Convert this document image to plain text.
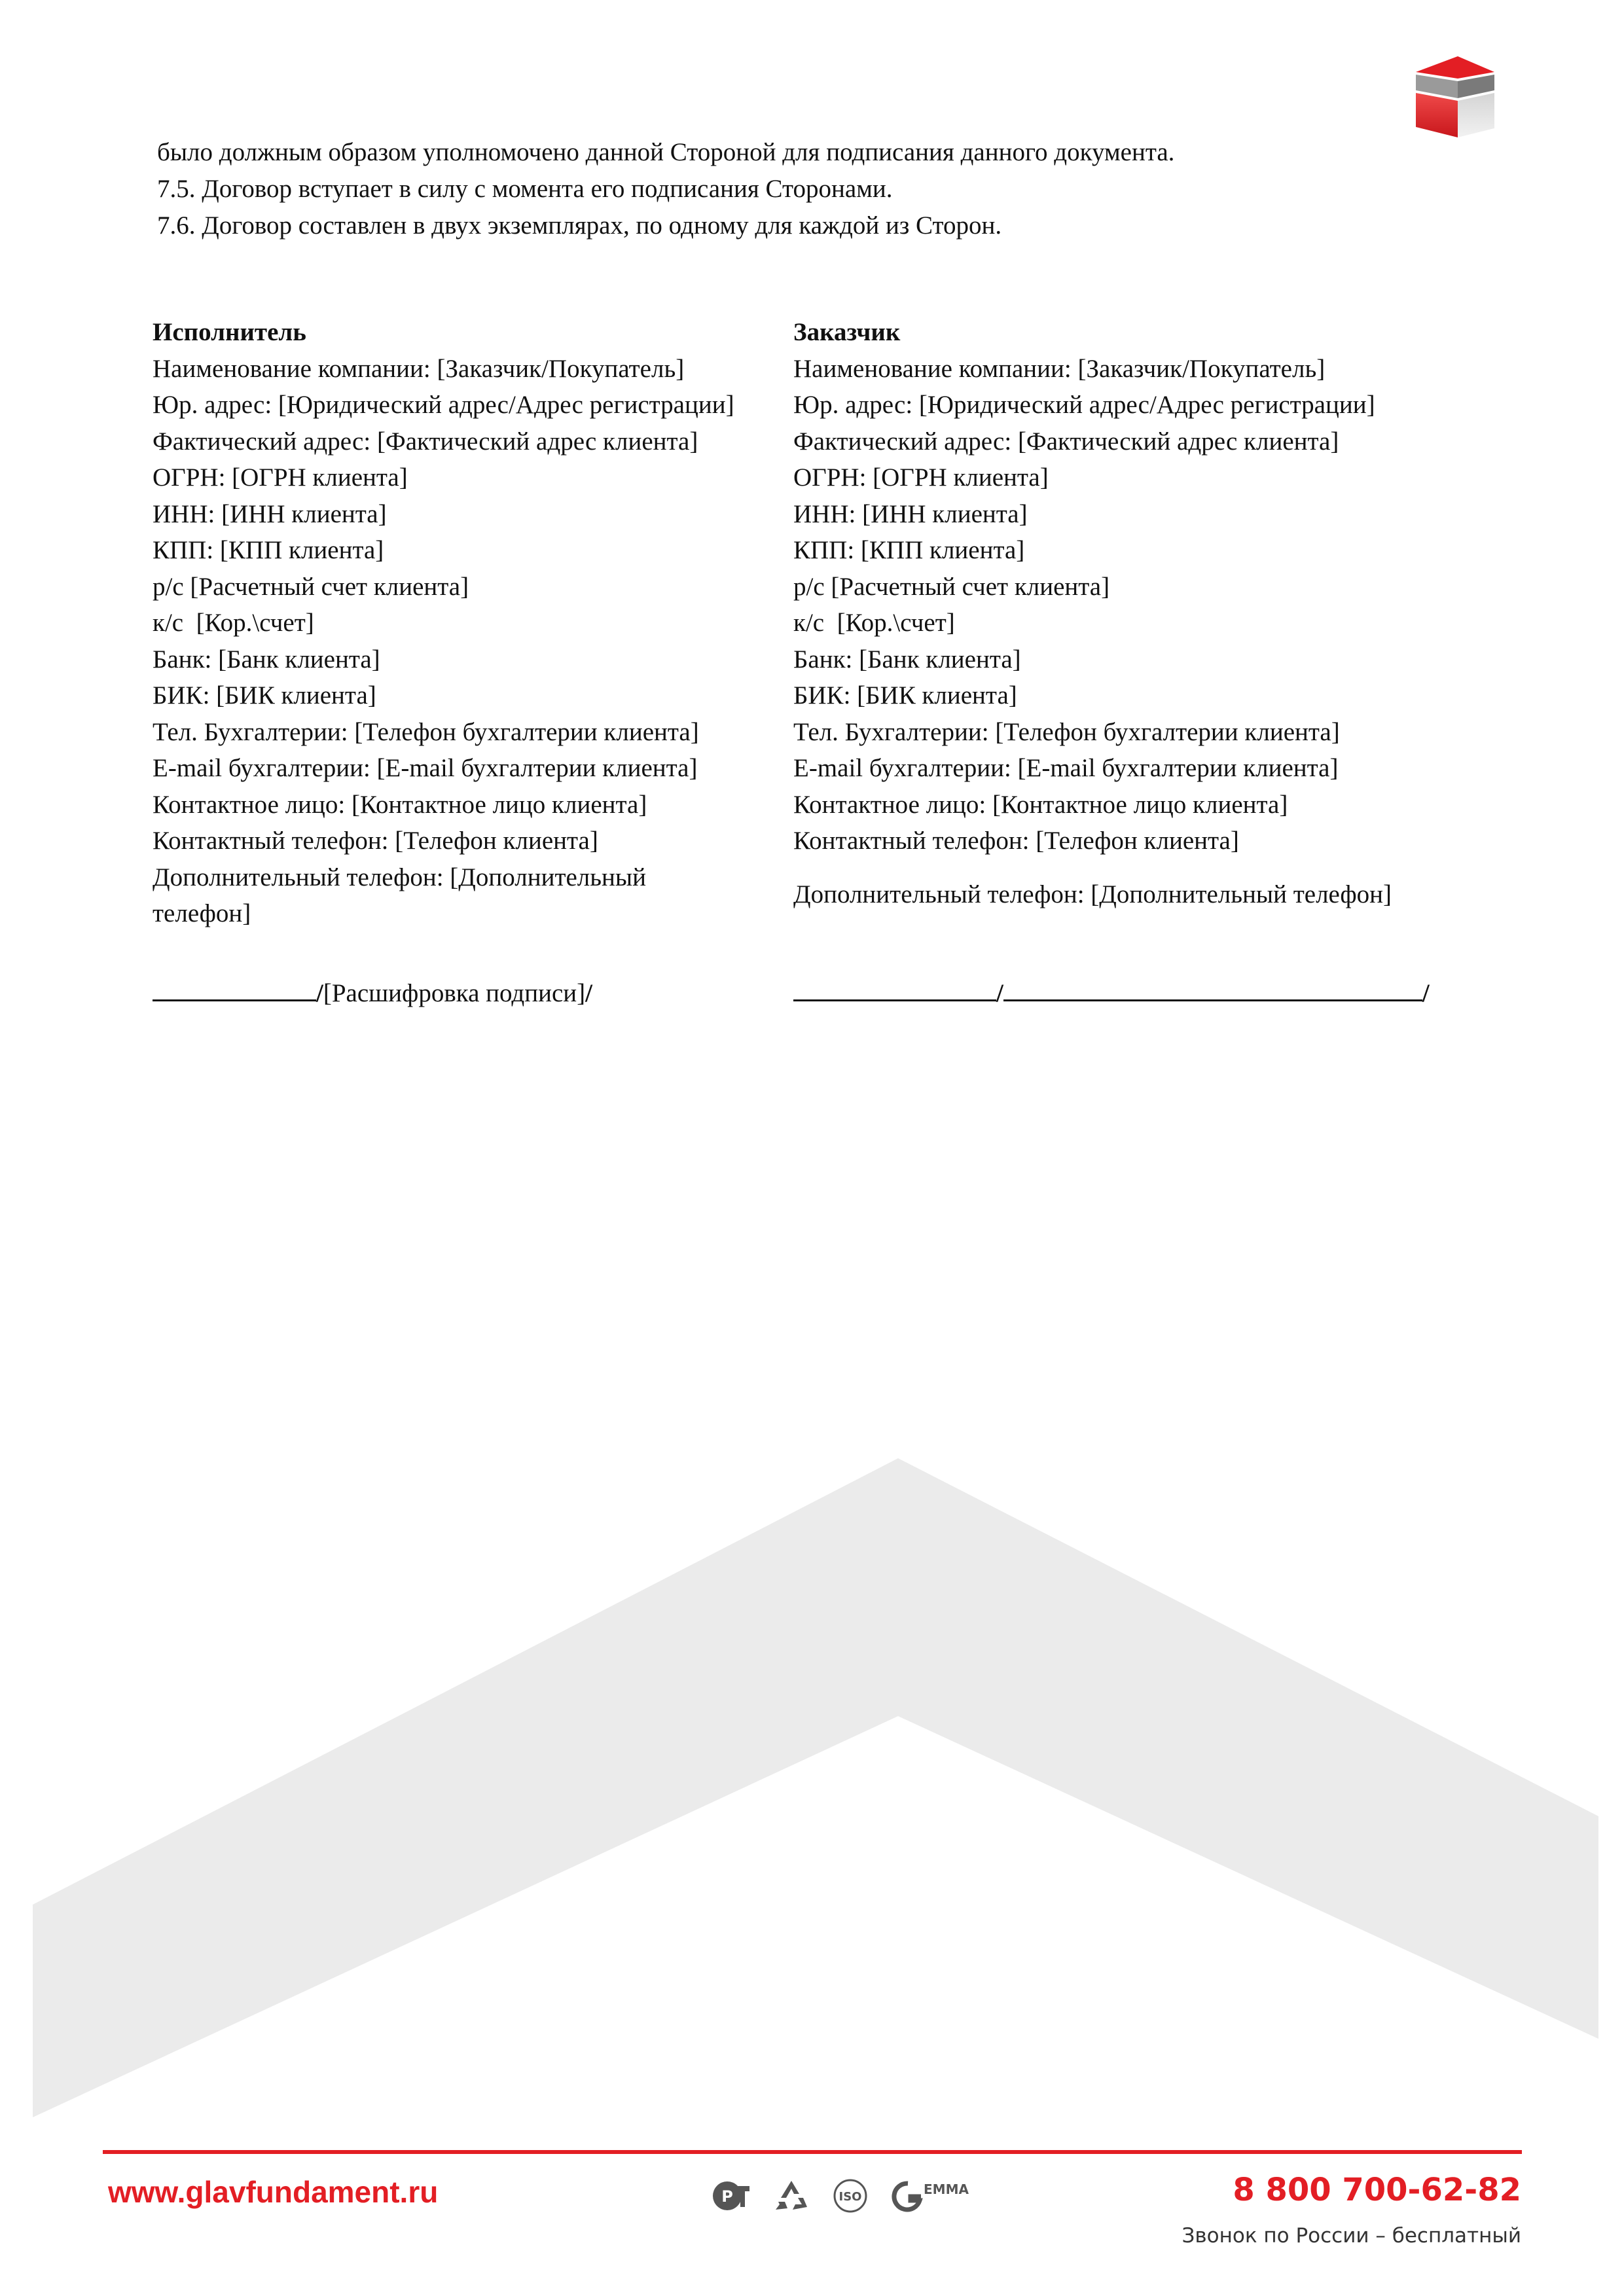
было должным образом уполномочено данной Стороной для подписания данного документа.

7.5. Договор вступает в силу с момента его подписания Сторонами.

7.6. Договор составлен в двух экземплярах, по одному для каждой из Сторон.

Исполнитель
Наименование компании: [Заказчик/Покупатель]
Юр. адрес: [Юридический адрес/Адрес регистрации]
Фактический адрес: [Фактический адрес клиента]
ОГРН: [ОГРН клиента]
ИНН: [ИНН клиента]
КПП: [КПП клиента]
р/с [Расчетный счет клиента]
к/с  [Кор.\счет]
Банк: [Банк клиента]
БИК: [БИК клиента]
Тел. Бухгалтерии: [Телефон бухгалтерии клиента]
E-mail бухгалтерии: [E-mail бухгалтерии клиента]
Контактное лицо: [Контактное лицо клиента]
Контактный телефон: [Телефон клиента]
Дополнительный телефон: [Дополнительный телефон]
Заказчик
Наименование компании: [Заказчик/Покупатель]
Юр. адрес: [Юридический адрес/Адрес регистрации]
Фактический адрес: [Фактический адрес клиента]
ОГРН: [ОГРН клиента]
ИНН: [ИНН клиента]
КПП: [КПП клиента]
р/с [Расчетный счет клиента]
к/с  [Кор.\счет]
Банк: [Банк клиента]
БИК: [БИК клиента]
Тел. Бухгалтерии: [Телефон бухгалтерии клиента]
E-mail бухгалтерии: [E-mail бухгалтерии клиента]
Контактное лицо: [Контактное лицо клиента]
Контактный телефон: [Телефон клиента]
Дополнительный телефон: [Дополнительный телефон]
/[Расшифровка подписи]/	/	/
www.glavfundament.ru	P	ISO	EMMA	8 800 700-62-82
Звонок по России – бесплатный
